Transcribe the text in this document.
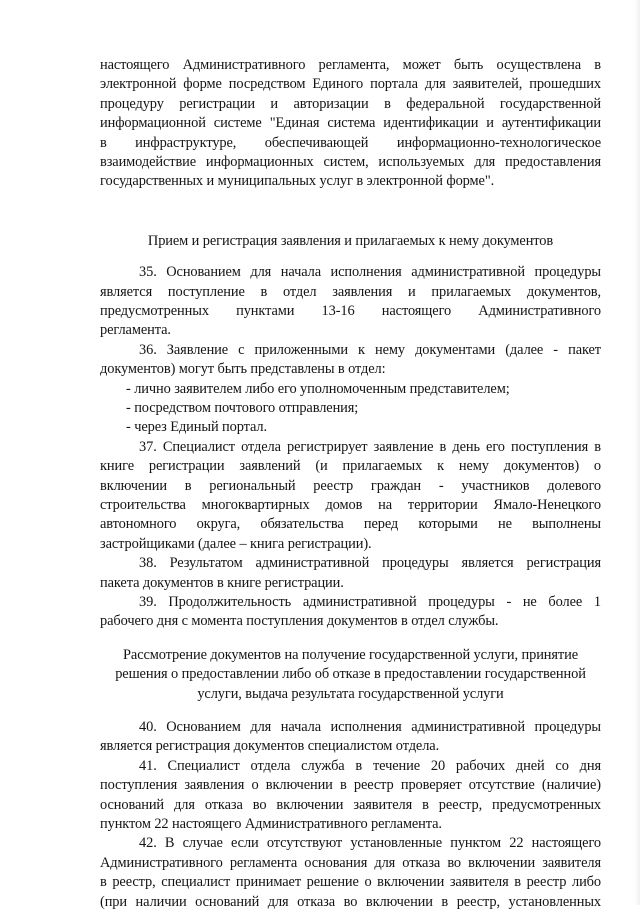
настоящего Административного регламента, может быть осуществлена в
электронной форме посредством Единого портала для заявителей, прошедших
процедуру регистрации и авторизации в федеральной государственной
информационной системе "Единая система идентификации и аутентификации
в инфраструктуре, обеспечивающей информационно-технологическое
взаимодействие информационных систем, используемых для предоставления
государственных и муниципальных услуг в электронной форме".
Прием и регистрация заявления и прилагаемых к нему документов
35. Основанием для начала исполнения административной процедуры
является поступление в отдел заявления и прилагаемых документов,
предусмотренных пунктами 13-16 настоящего Административного
регламента.
36. Заявление с приложенными к нему документами (далее - пакет
документов) могут быть представлены в отдел:
- лично заявителем либо его уполномоченным представителем;
- посредством почтового отправления;
- через Единый портал.
37. Специалист отдела регистрирует заявление в день его поступления в
книге регистрации заявлений (и прилагаемых к нему документов) о
включении в региональный реестр граждан - участников долевого
строительства многоквартирных домов на территории Ямало-Ненецкого
автономного округа, обязательства перед которыми не выполнены
застройщиками (далее – книга регистрации).
38. Результатом административной процедуры является регистрация
пакета документов в книге регистрации.
39. Продолжительность административной процедуры - не более 1
рабочего дня с момента поступления документов в отдел службы.
Рассмотрение документов на получение государственной услуги, принятие
решения о предоставлении либо об отказе в предоставлении государственной
услуги, выдача результата государственной услуги
40. Основанием для начала исполнения административной процедуры
является регистрация документов специалистом отдела.
41. Специалист отдела служба в течение 20 рабочих дней со дня
поступления заявления о включении в реестр проверяет отсутствие (наличие)
оснований для отказа во включении заявителя в реестр, предусмотренных
пунктом 22 настоящего Административного регламента.
42. В случае если отсутствуют установленные пунктом 22 настоящего
Административного регламента основания для отказа во включении заявителя
в реестр, специалист принимает решение о включении заявителя в реестр либо
(при наличии оснований для отказа во включении в реестр, установленных
